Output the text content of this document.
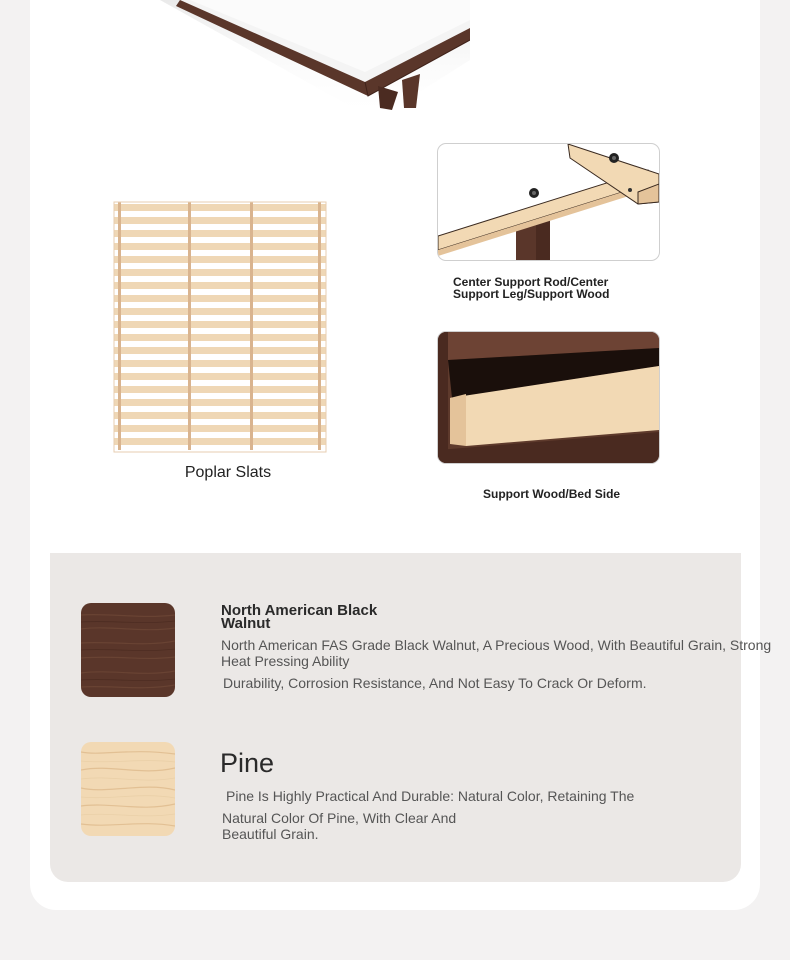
Poplar Slats
Center Support Rod/Center Support Leg/Support Wood
Support Wood/Bed Side
North American Black Walnut
North American FAS Grade Black Walnut, A Precious Wood, With Beautiful Grain, Strong Heat Pressing Ability
Durability, Corrosion Resistance, And Not Easy To Crack Or Deform.
Pine
Pine Is Highly Practical And Durable: Natural Color, Retaining The
Natural Color Of Pine, With Clear And Beautiful Grain.
